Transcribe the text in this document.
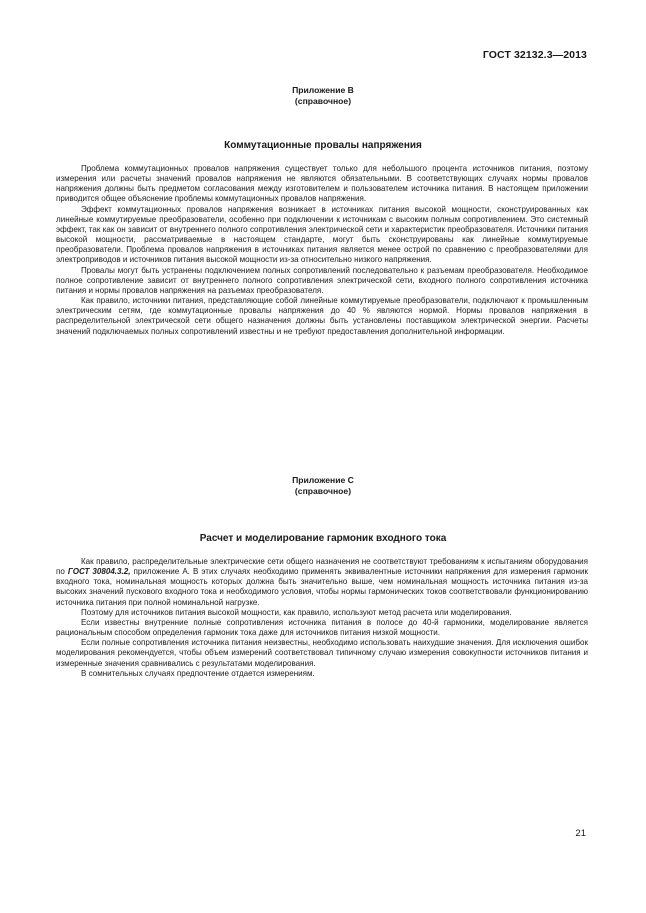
ГОСТ 32132.3—2013
Приложение В
(справочное)
Коммутационные провалы напряжения

Проблема коммутационных провалов напряжения существует только для небольшого процента источников питания, поэтому измерения или расчеты значений провалов напряжения не являются обязательными. В соответствующих случаях нормы провалов напряжения должны быть предметом согласования между изготовителем и пользователем источника питания. В настоящем приложении приводится общее объяснение проблемы коммутационных провалов напряжения.

Эффект коммутационных провалов напряжения возникает в источниках питания высокой мощности, сконструированных как линейные коммутируемые преобразователи, особенно при подключении к источникам с высоким полным сопротивлением. Это системный эффект, так как он зависит от внутреннего полного сопротивления электрической сети и характеристик преобразователя. Источники питания высокой мощности, рассматриваемые в настоящем стандарте, могут быть сконструированы как линейные коммутируемые преобразователи. Проблема провалов напряжения в источниках питания является менее острой по сравнению с преобразователями для электроприводов и источников питания высокой мощности из-за относительно низкого напряжения.

Провалы могут быть устранены подключением полных сопротивлений последовательно к разъемам преобразователя. Необходимое полное сопротивление зависит от внутреннего полного сопротивления электрической сети, входного полного сопротивления источника питания и нормы провалов напряжения на разъемах преобразователя.

Как правило, источники питания, представляющие собой линейные коммутируемые преобразователи, подключают к промышленным электрическим сетям, где коммутационные провалы напряжения до 40 % являются нормой. Нормы провалов напряжения в распределительной электрической сети общего назначения должны быть установлены поставщиком электрической энергии. Расчеты значений подключаемых полных сопротивлений известны и не требуют предоставления дополнительной информации.

Приложение С
(справочное)
Расчет и моделирование гармоник входного тока

Как правило, распределительные электрические сети общего назначения не соответствуют требованиям к испытаниям оборудования по ГОСТ 30804.3.2, приложение А. В этих случаях необходимо применять эквивалентные источники напряжения для измерения гармоник входного тока, номинальная мощность которых должна быть значительно выше, чем номинальная мощность источника питания из-за высоких значений пускового входного тока и необходимого условия, чтобы нормы гармонических токов соответствовали функционированию источника питания при полной номинальной нагрузке.

Поэтому для источников питания высокой мощности, как правило, используют метод расчета или моделирования.

Если известны внутренние полные сопротивления источника питания в полосе до 40-й гармоники, моделирование является рациональным способом определения гармоник тока даже для источников питания низкой мощности.

Если полные сопротивления источника питания неизвестны, необходимо использовать наихудшие значения. Для исключения ошибок моделирования рекомендуется, чтобы объем измерений соответствовал типичному случаю измерения совокупности источников питания и измеренные значения сравнивались с результатами моделирования.

В сомнительных случаях предпочтение отдается измерениям.

21
